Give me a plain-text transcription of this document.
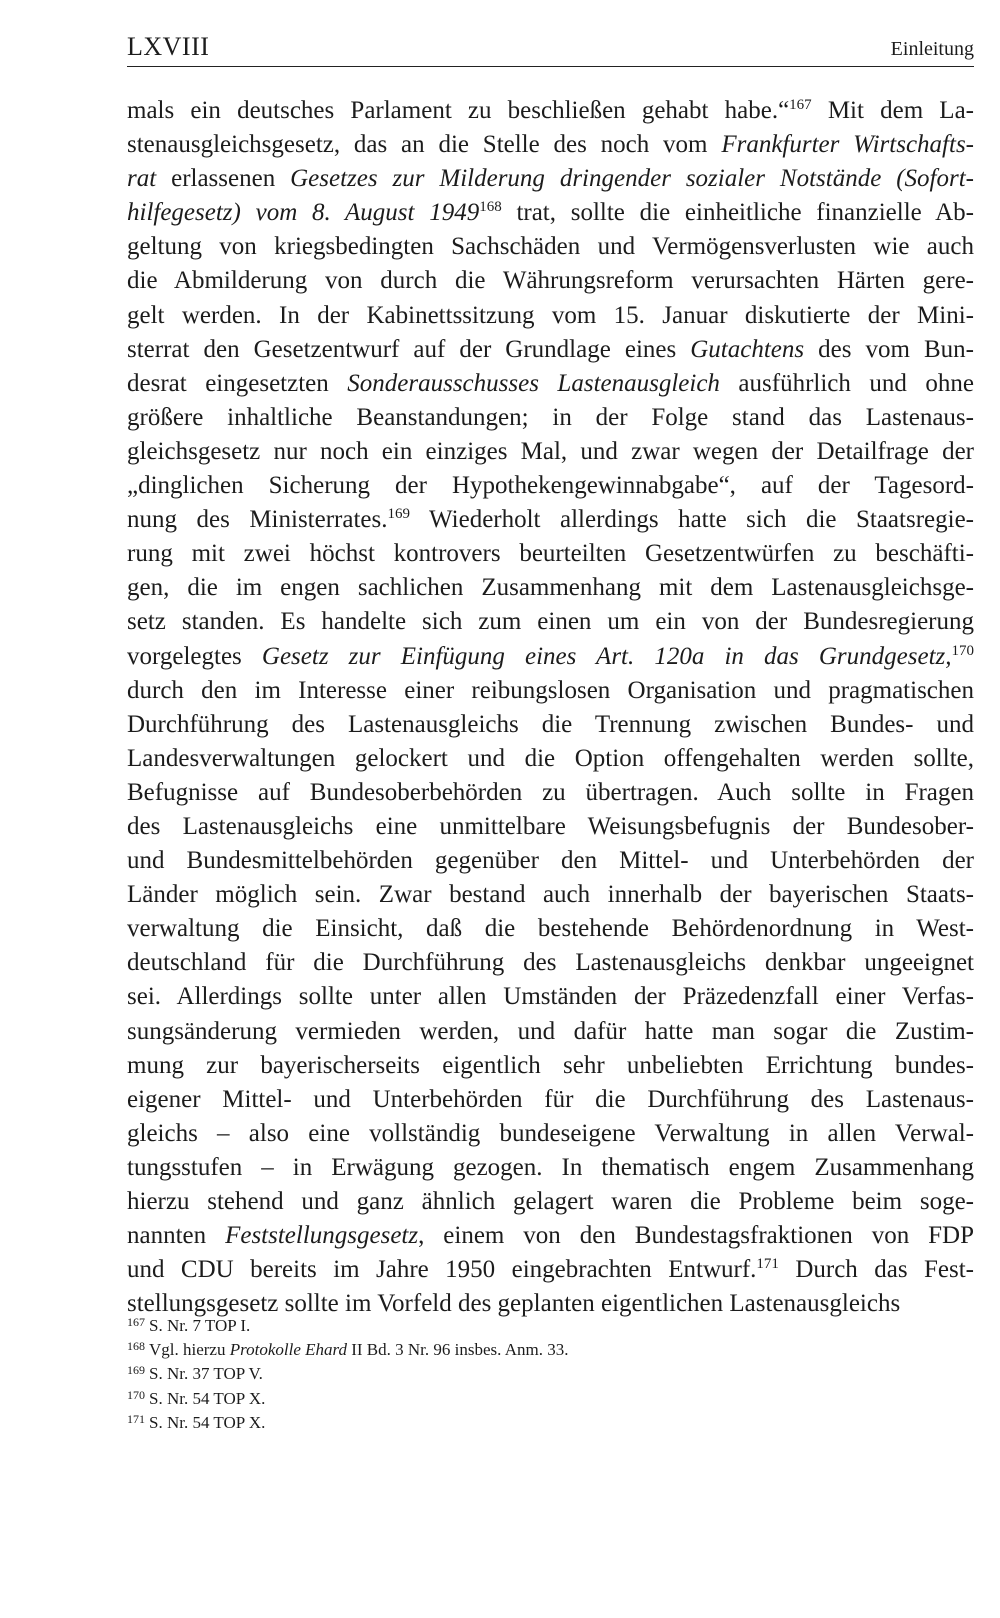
LXVIII	Einleitung
mals ein deutsches Parlament zu beschließen gehabt habe.“$^{167}$ Mit dem La-
stenausgleichsgesetz, das an die Stelle des noch vom Frankfurter Wirtschafts-
rat erlassenen Gesetzes zur Milderung dringender sozialer Notstände (Sofort-
hilfegesetz) vom 8. August 1949$^{168}$ trat, sollte die einheitliche finanzielle Ab-
geltung von kriegsbedingten Sachschäden und Vermögensverlusten wie auch
die Abmilderung von durch die Währungsreform verursachten Härten gere-
gelt werden. In der Kabinettssitzung vom 15. Januar diskutierte der Mini-
sterrat den Gesetzentwurf auf der Grundlage eines Gutachtens des vom Bun-
desrat eingesetzten Sonderausschusses Lastenausgleich ausführlich und ohne
größere inhaltliche Beanstandungen; in der Folge stand das Lastenaus-
gleichsgesetz nur noch ein einziges Mal, und zwar wegen der Detailfrage der
„dinglichen Sicherung der Hypothekengewinnabgabe“, auf der Tagesord-
nung des Ministerrates.$^{169}$ Wiederholt allerdings hatte sich die Staatsregie-
rung mit zwei höchst kontrovers beurteilten Gesetzentwürfen zu beschäfti-
gen, die im engen sachlichen Zusammenhang mit dem Lastenausgleichsge-
setz standen. Es handelte sich zum einen um ein von der Bundesregierung
vorgelegtes Gesetz zur Einfügung eines Art. 120a in das Grundgesetz,$^{170}$
durch den im Interesse einer reibungslosen Organisation und pragmatischen
Durchführung des Lastenausgleichs die Trennung zwischen Bundes- und
Landesverwaltungen gelockert und die Option offengehalten werden sollte,
Befugnisse auf Bundesoberbehörden zu übertragen. Auch sollte in Fragen
des Lastenausgleichs eine unmittelbare Weisungsbefugnis der Bundesober-
und Bundesmittelbehörden gegenüber den Mittel- und Unterbehörden der
Länder möglich sein. Zwar bestand auch innerhalb der bayerischen Staats-
verwaltung die Einsicht, daß die bestehende Behördenordnung in West-
deutschland für die Durchführung des Lastenausgleichs denkbar ungeeignet
sei. Allerdings sollte unter allen Umständen der Präzedenzfall einer Verfas-
sungsänderung vermieden werden, und dafür hatte man sogar die Zustim-
mung zur bayerischerseits eigentlich sehr unbeliebten Errichtung bundes-
eigener Mittel- und Unterbehörden für die Durchführung des Lastenaus-
gleichs – also eine vollständig bundeseigene Verwaltung in allen Verwal-
tungsstufen – in Erwägung gezogen. In thematisch engem Zusammenhang
hierzu stehend und ganz ähnlich gelagert waren die Probleme beim soge-
nannten Feststellungsgesetz, einem von den Bundestagsfraktionen von FDP
und CDU bereits im Jahre 1950 eingebrachten Entwurf.$^{171}$ Durch das Fest-
stellungsgesetz sollte im Vorfeld des geplanten eigentlichen Lastenausgleichs
$^{167}$ S. Nr. 7 TOP I.
$^{168}$ Vgl. hierzu Protokolle Ehard II Bd. 3 Nr. 96 insbes. Anm. 33.
$^{169}$ S. Nr. 37 TOP V.
$^{170}$ S. Nr. 54 TOP X.
$^{171}$ S. Nr. 54 TOP X.
